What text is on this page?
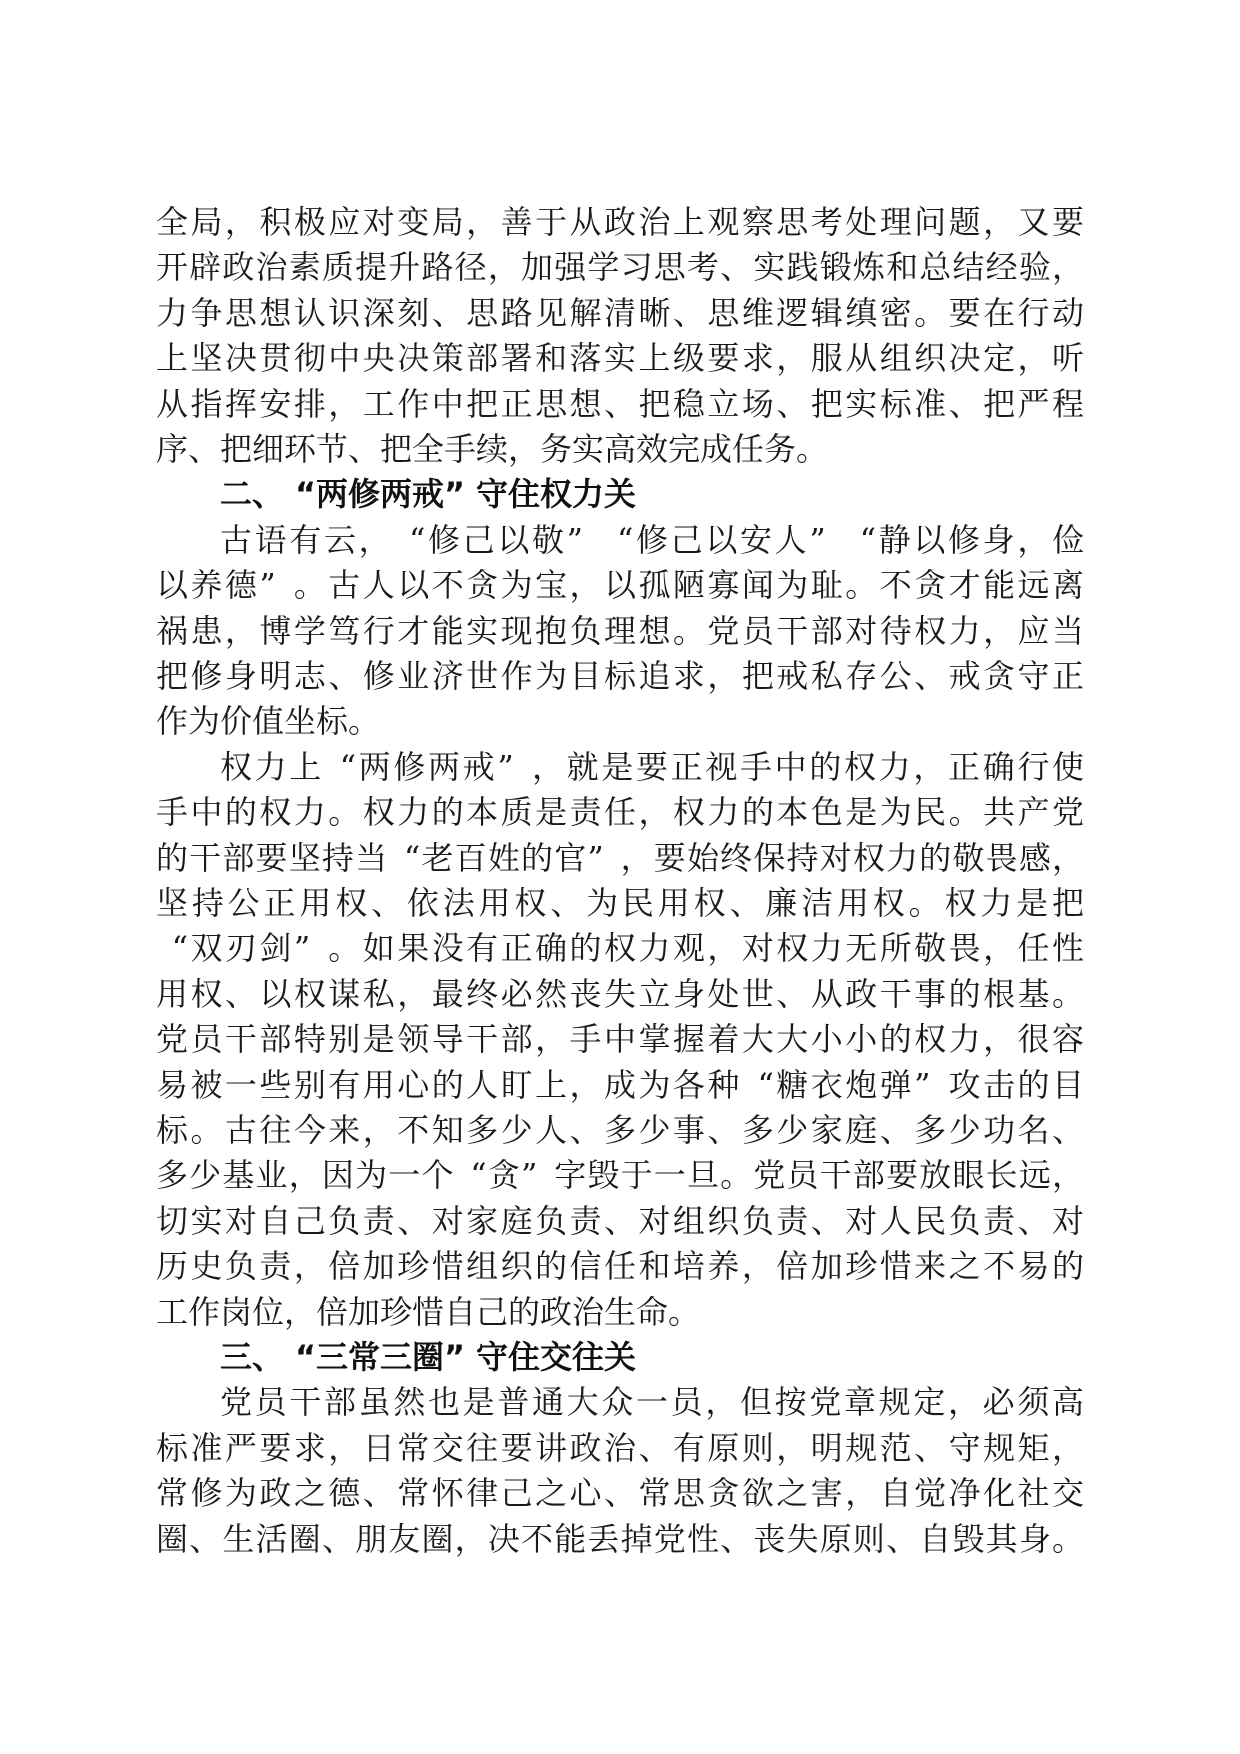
全 局 ， 积 极 应 对 变 局 ， 善 于 从 政 治 上 观 察 思 考 处 理 问 题 ， 又 要
开 辟 政 治 素 质 提 升 路 径 ， 加 强 学 习 思 考 、 实 践 锻 炼 和 总 结 经 验 ，
力 争 思 想 认 识 深 刻 、 思 路 见 解 清 晰 、 思 维 逻 辑 缜 密 。 要 在 行 动
上 坚 决 贯 彻 中 央 决 策 部 署 和 落 实 上 级 要 求 ， 服 从 组 织 决 定 ， 听
从 指 挥 安 排 ， 工 作 中 把 正 思 想 、 把 稳 立 场 、 把 实 标 准 、 把 严 程
序 、 把 细 环 节 、 把 全 手 续 ， 务 实 高 效 完 成 任 务 。
二 、 “ 两 修 两 戒 ” 守 住 权 力 关
古 语 有 云 ， “ 修 己 以 敬 ”	“ 修 己 以 安 人 ”	“ 静 以 修 身 ， 俭
以 养 德 ” 。 古 人 以 不 贪 为 宝 ， 以 孤 陋 寡 闻 为 耻 。 不 贪 才 能 远 离
祸 患 ， 博 学 笃 行 才 能 实 现 抱 负 理 想 。 党 员 干 部 对 待 权 力 ， 应 当
把 修 身 明 志 、 修 业 济 世 作 为 目 标 追 求 ， 把 戒 私 存 公 、 戒 贪 守 正
作 为 价 值 坐 标 。
权 力 上 “ 两 修 两 戒 ” ， 就 是 要 正 视 手 中 的 权 力 ， 正 确 行 使
手 中 的 权 力 。 权 力 的 本 质 是 责 任 ， 权 力 的 本 色 是 为 民 。 共 产 党
的 干 部 要 坚 持 当 “ 老 百 姓 的 官 ” ， 要 始 终 保 持 对 权 力 的 敬 畏 感 ，
坚 持 公 正 用 权 、 依 法 用 权 、 为 民 用 权 、 廉 洁 用 权 。 权 力 是 把
“ 双 刃 剑 ” 。 如 果 没 有 正 确 的 权 力 观 ， 对 权 力 无 所 敬 畏 ， 任 性
用 权 、 以 权 谋 私 ， 最 终 必 然 丧 失 立 身 处 世 、 从 政 干 事 的 根 基 。
党 员 干 部 特 别 是 领 导 干 部 ， 手 中 掌 握 着 大 大 小 小 的 权 力 ， 很 容
易 被 一 些 别 有 用 心 的 人 盯 上 ， 成 为 各 种 “ 糖 衣 炮 弹 ” 攻 击 的 目
标 。 古 往 今 来 ， 不 知 多 少 人 、 多 少 事 、 多 少 家 庭 、 多 少 功 名 、
多 少 基 业 ， 因 为 一 个 “ 贪 ” 字 毁 于 一 旦 。 党 员 干 部 要 放 眼 长 远 ，
切 实 对 自 己 负 责 、 对 家 庭 负 责 、 对 组 织 负 责 、 对 人 民 负 责 、 对
历 史 负 责 ， 倍 加 珍 惜 组 织 的 信 任 和 培 养 ， 倍 加 珍 惜 来 之 不 易 的
工 作 岗 位 ， 倍 加 珍 惜 自 己 的 政 治 生 命 。
三 、 “ 三 常 三 圈 ” 守 住 交 往 关
党 员 干 部 虽 然 也 是 普 通 大 众 一 员 ， 但 按 党 章 规 定 ， 必 须 高
标 准 严 要 求 ， 日 常 交 往 要 讲 政 治 、 有 原 则 ， 明 规 范 、 守 规 矩 ，
常 修 为 政 之 德 、 常 怀 律 己 之 心 、 常 思 贪 欲 之 害 ， 自 觉 净 化 社 交
圈 、 生 活 圈 、 朋 友 圈 ， 决 不 能 丢 掉 党 性 、 丧 失 原 则 、 自 毁 其 身 。
